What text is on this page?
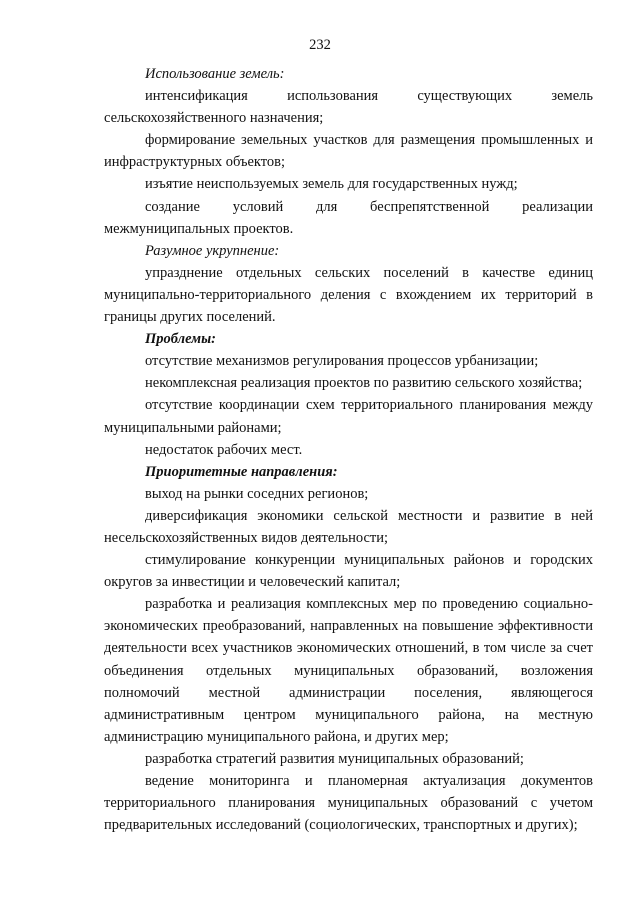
232

Использование земель:

интенсификация использования существующих земель сельскохозяйственного назначения;

формирование земельных участков для размещения промышленных и инфраструктурных объектов;

изъятие неиспользуемых земель для государственных нужд;

создание условий для беспрепятственной реализации межмуниципальных проектов.

Разумное укрупнение:

упразднение отдельных сельских поселений в качестве единиц муниципально-территориального деления с вхождением их территорий в границы других поселений.

Проблемы:

отсутствие механизмов регулирования процессов урбанизации;

некомплексная реализация проектов по развитию сельского хозяйства;

отсутствие координации схем территориального планирования между муниципальными районами;

недостаток рабочих мест.

Приоритетные направления:

выход на рынки соседних регионов;

диверсификация экономики сельской местности и развитие в ней несельскохозяйственных видов деятельности;

стимулирование конкуренции муниципальных районов и городских округов за инвестиции и человеческий капитал;

разработка и реализация комплексных мер по проведению социально-экономических преобразований, направленных на повышение эффективности деятельности всех участников экономических отношений, в том числе за счет объединения отдельных муниципальных образований, возложения полномочий местной администрации поселения, являющегося административным центром муниципального района, на местную администрацию муниципального района, и других мер;

разработка стратегий развития муниципальных образований;

ведение мониторинга и планомерная актуализация документов территориального планирования муниципальных образований с учетом предварительных исследований (социологических, транспортных и других);
